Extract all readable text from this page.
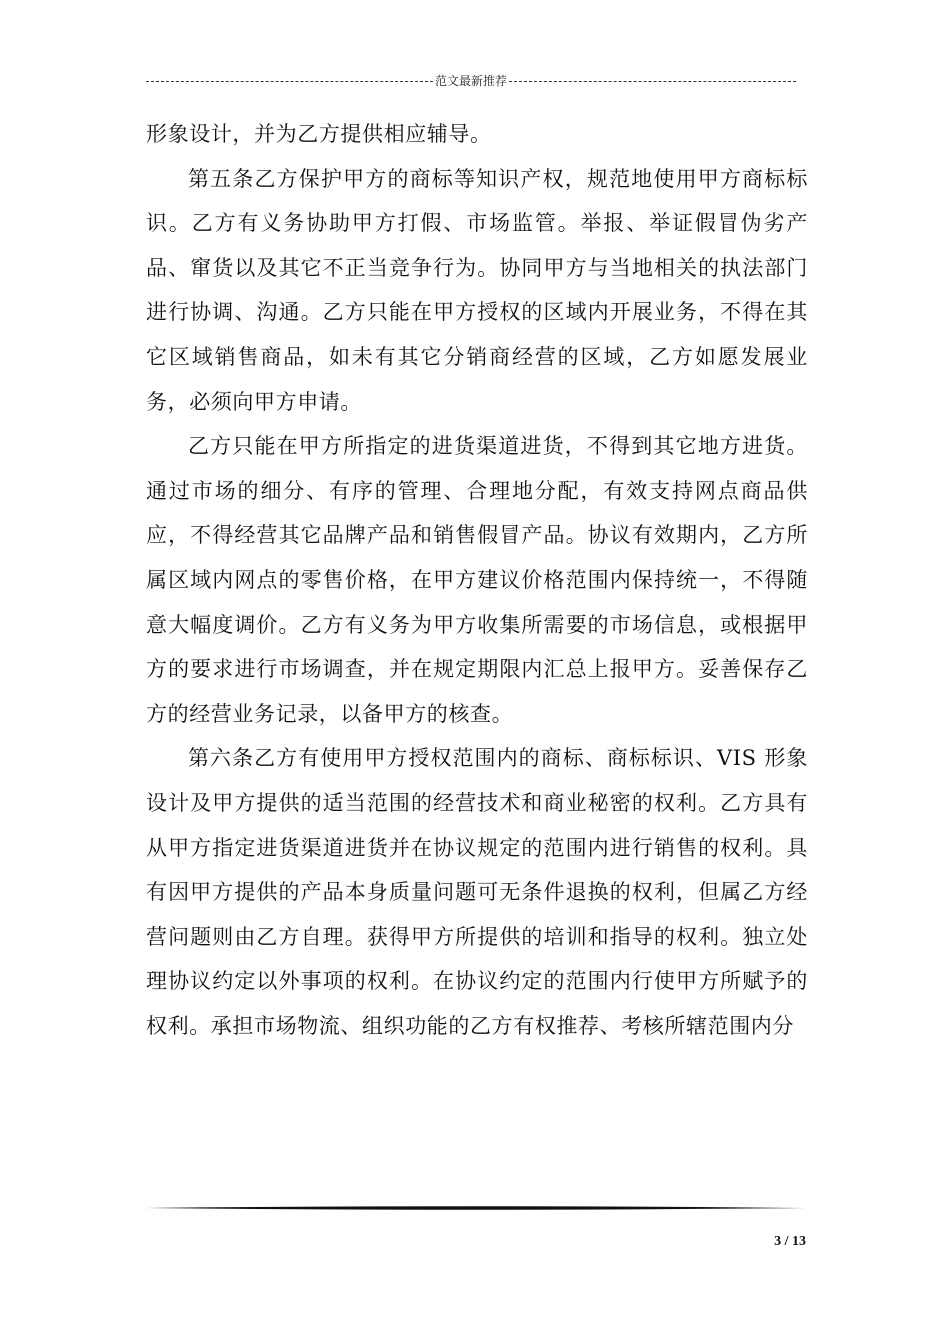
范文最新推荐

形象设计，并为乙方提供相应辅导。

第五条乙方保护甲方的商标等知识产权，规范地使用甲方商标标识。乙方有义务协助甲方打假、市场监管。举报、举证假冒伪劣产品、窜货以及其它不正当竞争行为。协同甲方与当地相关的执法部门进行协调、沟通。乙方只能在甲方授权的区域内开展业务，不得在其它区域销售商品，如未有其它分销商经营的区域，乙方如愿发展业务，必须向甲方申请。

乙方只能在甲方所指定的进货渠道进货，不得到其它地方进货。通过市场的细分、有序的管理、合理地分配，有效支持网点商品供应，不得经营其它品牌产品和销售假冒产品。协议有效期内，乙方所属区域内网点的零售价格，在甲方建议价格范围内保持统一，不得随意大幅度调价。乙方有义务为甲方收集所需要的市场信息，或根据甲方的要求进行市场调查，并在规定期限内汇总上报甲方。妥善保存乙方的经营业务记录，以备甲方的核查。

第六条乙方有使用甲方授权范围内的商标、商标标识、VIS 形象设计及甲方提供的适当范围的经营技术和商业秘密的权利。乙方具有从甲方指定进货渠道进货并在协议规定的范围内进行销售的权利。具有因甲方提供的产品本身质量问题可无条件退换的权利，但属乙方经营问题则由乙方自理。获得甲方所提供的培训和指导的权利。独立处理协议约定以外事项的权利。在协议约定的范围内行使甲方所赋予的权利。承担市场物流、组织功能的乙方有权推荐、考核所辖范围内分

3 / 13
